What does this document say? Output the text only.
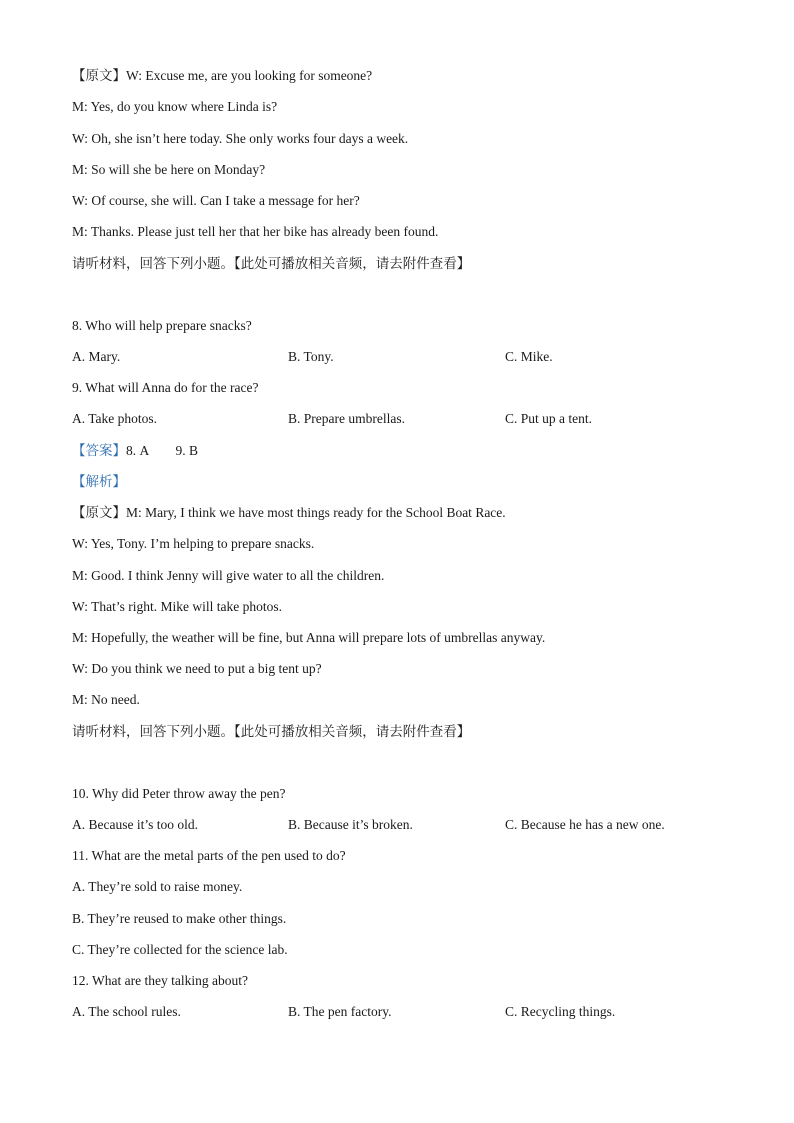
【原文】W: Excuse me, are you looking for someone?
M: Yes, do you know where Linda is?
W: Oh, she isn’t here today. She only works four days a week.
M: So will she be here on Monday?
W: Of course, she will. Can I take a message for her?
M: Thanks. Please just tell her that her bike has already been found.
请听材料，回答下列小题。【此处可播放相关音频，请去附件查看】
8. Who will help prepare snacks?
A. Mary.	B. Tony.	C. Mike.
9. What will Anna do for the race?
A. Take photos.	B. Prepare umbrellas.	C. Put up a tent.
【答案】8. A        9. B
【解析】
【原文】M: Mary, I think we have most things ready for the School Boat Race.
W: Yes, Tony. I’m helping to prepare snacks.
M: Good. I think Jenny will give water to all the children.
W: That’s right. Mike will take photos.
M: Hopefully, the weather will be fine, but Anna will prepare lots of umbrellas anyway.
W: Do you think we need to put a big tent up?
M: No need.
请听材料，回答下列小题。【此处可播放相关音频，请去附件查看】
10. Why did Peter throw away the pen?
A. Because it’s too old.	B. Because it’s broken.	C. Because he has a new one.
11. What are the metal parts of the pen used to do?
A. They’re sold to raise money.
B. They’re reused to make other things.
C. They’re collected for the science lab.
12. What are they talking about?
A. The school rules.	B. The pen factory.	C. Recycling things.
